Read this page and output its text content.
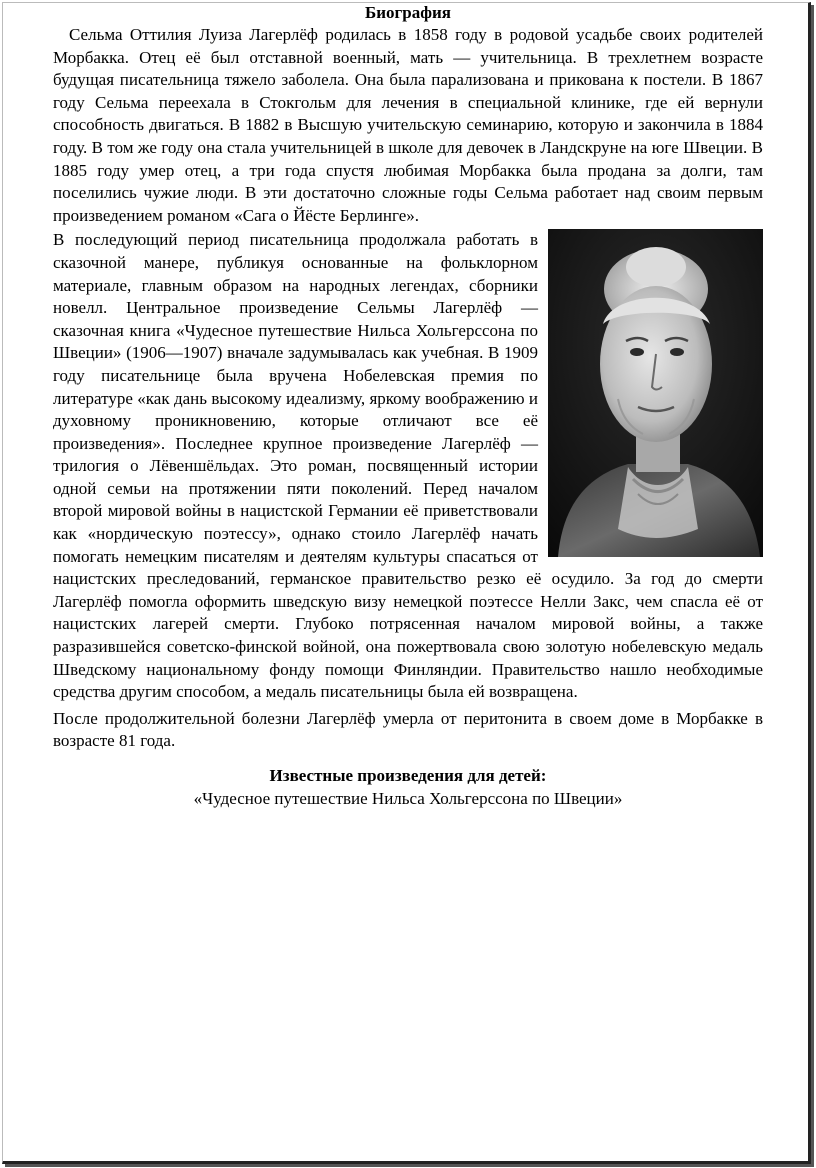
Биография

Сельма Оттилия Луиза Лагерлёф родилась в 1858 году в родовой усадьбе своих родителей Морбакка. Отец её был отставной военный, мать — учительница. В трехлетнем возрасте будущая писательница тяжело заболела. Она была парализована и прикована к постели. В 1867 году Сельма переехала в Стокгольм для лечения в специальной клинике, где ей вернули способность двигаться. В 1882 в Высшую учительскую семинарию, которую и закончила в 1884 году. В том же году она стала учительницей в школе для девочек в Ландскруне на юге Швеции. В 1885 году умер отец, а три года спустя любимая Морбакка была продана за долги, там поселились чужие люди. В эти достаточно сложные годы Сельма работает над своим первым произведением романом «Сага о Йёсте Берлинге».

В последующий период писательница продолжала работать в сказочной манере, публикуя основанные на фольклорном материале, главным образом на народных легендах, сборники новелл. Центральное произведение Сельмы Лагерлёф — сказочная книга «Чудесное путешествие Нильса Хольгерссона по Швеции» (1906—1907) вначале задумывалась как учебная. В 1909 году писательнице была вручена Нобелевская премия по литературе «как дань высокому идеализму, яркому воображению и духовному проникновению, которые отличают все её произведения». Последнее крупное произведение Лагерлёф — трилогия о Лёвеншёльдах. Это роман, посвященный истории одной семьи на протяжении пяти поколений. Перед началом второй мировой войны в нацистской Германии её приветствовали как «нордическую поэтессу», однако стоило Лагерлёф начать помогать немецким писателям и деятелям культуры спасаться от нацистских преследований, германское правительство резко её осудило. За год до смерти Лагерлёф помогла оформить шведскую визу немецкой поэтессе Нелли Закс, чем спасла её от нацистских лагерей смерти. Глубоко потрясенная началом мировой войны, а также разразившейся советско-финской войной, она пожертвовала свою золотую нобелевскую медаль Шведскому национальному фонду помощи Финляндии. Правительство нашло необходимые средства другим способом, а медаль писательницы была ей возвращена.

После продолжительной болезни Лагерлёф умерла от перитонита в своем доме в Морбакке в возрасте 81 года.

Известные произведения для детей:

«Чудесное путешествие Нильса Хольгерссона по Швеции»
